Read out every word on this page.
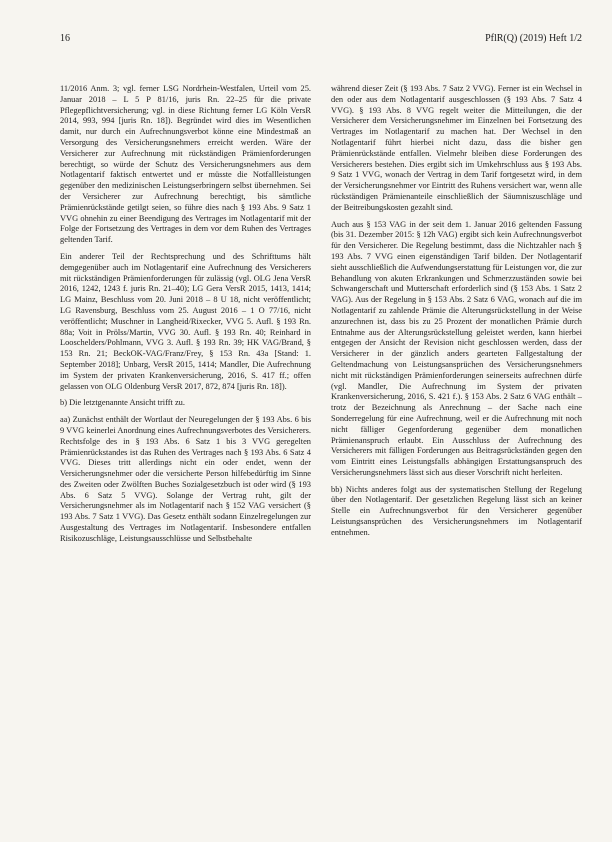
16	PflR(Q) (2019) Heft 1/2

11/2016 Anm. 3; vgl. ferner LSG Nordrhein-Westfalen, Urteil vom 25. Januar 2018 – L 5 P 81/16, juris Rn. 22–25 für die private Pflegepflichtversicherung; vgl. in diese Richtung ferner LG Köln VersR 2014, 993, 994 [juris Rn. 18]). Begründet wird dies im Wesentlichen damit, nur durch ein Aufrechnungsverbot könne eine Mindestmaß an Versorgung des Versicherungsnehmers erreicht werden. Wäre der Versicherer zur Aufrechnung mit rückständigen Prämienforderungen berechtigt, so würde der Schutz des Versicherungsnehmers aus dem Notlagentarif faktisch entwertet und er müsste die Notfallleistungen gegenüber den medizinischen Leistungserbringern selbst übernehmen. Sei der Versicherer zur Aufrechnung berechtigt, bis sämtliche Prämienrückstände getilgt seien, so führe dies nach § 193 Abs. 9 Satz 1 VVG ohnehin zu einer Beendigung des Vertrages im Notlagentarif mit der Folge der Fortsetzung des Vertrages in dem vor dem Ruhen des Vertrages geltenden Tarif.

Ein anderer Teil der Rechtsprechung und des Schrifttums hält demgegenüber auch im Notlagentarif eine Aufrechnung des Versicherers mit rückständigen Prämienforderungen für zulässig (vgl. OLG Jena VersR 2016, 1242, 1243 f. juris Rn. 21–40); LG Gera VersR 2015, 1413, 1414; LG Mainz, Beschluss vom 20. Juni 2018 – 8 U 18, nicht veröffentlicht; LG Ravensburg, Beschluss vom 25. August 2016 – 1 O 77/16, nicht veröffentlicht; Muschner in Langheid/Rixecker, VVG 5. Aufl. § 193 Rn. 88a; Voit in Prölss/Martin, VVG 30. Aufl. § 193 Rn. 40; Reinhard in Looschelders/Pohlmann, VVG 3. Aufl. § 193 Rn. 39; HK VAG/Brand, § 153 Rn. 21; BeckOK-VAG/Franz/Frey, § 153 Rn. 43a [Stand: 1. September 2018]; Unbarg, VersR 2015, 1414; Mandler, Die Aufrechnung im System der privaten Krankenversicherung, 2016, S. 417 ff.; offen gelassen von OLG Oldenburg VersR 2017, 872, 874 [juris Rn. 18]).

b) Die letztgenannte Ansicht trifft zu.

aa) Zunächst enthält der Wortlaut der Neuregelungen der § 193 Abs. 6 bis 9 VVG keinerlei Anordnung eines Aufrechnungsverbotes des Versicherers. Rechtsfolge des in § 193 Abs. 6 Satz 1 bis 3 VVG geregelten Prämienrückstandes ist das Ruhen des Vertrages nach § 193 Abs. 6 Satz 4 VVG. Dieses tritt allerdings nicht ein oder endet, wenn der Versicherungsnehmer oder die versicherte Person hilfebedürftig im Sinne des Zweiten oder Zwölften Buches Sozialgesetzbuch ist oder wird (§ 193 Abs. 6 Satz 5 VVG). Solange der Vertrag ruht, gilt der Versicherungsnehmer als im Notlagentarif nach § 152 VAG versichert (§ 193 Abs. 7 Satz 1 VVG). Das Gesetz enthält sodann Einzelregelungen zur Ausgestaltung des Vertrages im Notlagentarif. Insbesondere entfallen Risikozuschläge, Leistungsausschlüsse und Selbstbehalte

während dieser Zeit (§ 193 Abs. 7 Satz 2 VVG). Ferner ist ein Wechsel in den oder aus dem Notlagentarif ausgeschlossen (§ 193 Abs. 7 Satz 4 VVG). § 193 Abs. 8 VVG regelt weiter die Mitteilungen, die der Versicherer dem Versicherungsnehmer im Einzelnen bei Fortsetzung des Vertrages im Notlagentarif zu machen hat. Der Wechsel in den Notlagentarif führt hierbei nicht dazu, dass die bisher gen Prämienrückstände entfallen. Vielmehr bleiben diese Forderungen des Versicherers bestehen. Dies ergibt sich im Umkehrschluss aus § 193 Abs. 9 Satz 1 VVG, wonach der Vertrag in dem Tarif fortgesetzt wird, in dem der Versicherungsnehmer vor Eintritt des Ruhens versichert war, wenn alle rückständigen Prämienanteile einschließlich der Säumniszuschläge und der Beitreibungskosten gezahlt sind.

Auch aus § 153 VAG in der seit dem 1. Januar 2016 geltenden Fassung (bis 31. Dezember 2015: § 12h VAG) ergibt sich kein Aufrechnungsverbot für den Versicherer. Die Regelung bestimmt, dass die Nichtzahler nach § 193 Abs. 7 VVG einen eigenständigen Tarif bilden. Der Notlagentarif sieht ausschließlich die Aufwendungserstattung für Leistungen vor, die zur Behandlung von akuten Erkrankungen und Schmerzzuständen sowie bei Schwangerschaft und Mutterschaft erforderlich sind (§ 153 Abs. 1 Satz 2 VAG). Aus der Regelung in § 153 Abs. 2 Satz 6 VAG, wonach auf die im Notlagentarif zu zahlende Prämie die Alterungsrückstellung in der Weise anzurechnen ist, dass bis zu 25 Prozent der monatlichen Prämie durch Entnahme aus der Alterungsrückstellung geleistet werden, kann hierbei entgegen der Ansicht der Revision nicht geschlossen werden, dass der Versicherer in der gänzlich anders gearteten Fallgestaltung der Geltendmachung von Leistungsansprüchen des Versicherungsnehmers nicht mit rückständigen Prämienforderungen seinerseits aufrechnen dürfe (vgl. Mandler, Die Aufrechnung im System der privaten Krankenversicherung, 2016, S. 421 f.). § 153 Abs. 2 Satz 6 VAG enthält – trotz der Bezeichnung als Anrechnung – der Sache nach eine Sonderregelung für eine Aufrechnung, weil er die Aufrechnung mit noch nicht fälliger Gegenforderung gegenüber dem monatlichen Prämienanspruch erlaubt. Ein Ausschluss der Aufrechnung des Versicherers mit fälligen Forderungen aus Beitragsrückständen gegen den vom Eintritt eines Leistungsfalls abhängigen Erstattungsanspruch des Versicherungsnehmers lässt sich aus dieser Vorschrift nicht herleiten.

bb) Nichts anderes folgt aus der systematischen Stellung der Regelung über den Notlagentarif. Der gesetzlichen Regelung lässt sich an keiner Stelle ein Aufrechnungsverbot für den Versicherer gegenüber Leistungsansprüchen des Versicherungsnehmers im Notlagentarif entnehmen.
